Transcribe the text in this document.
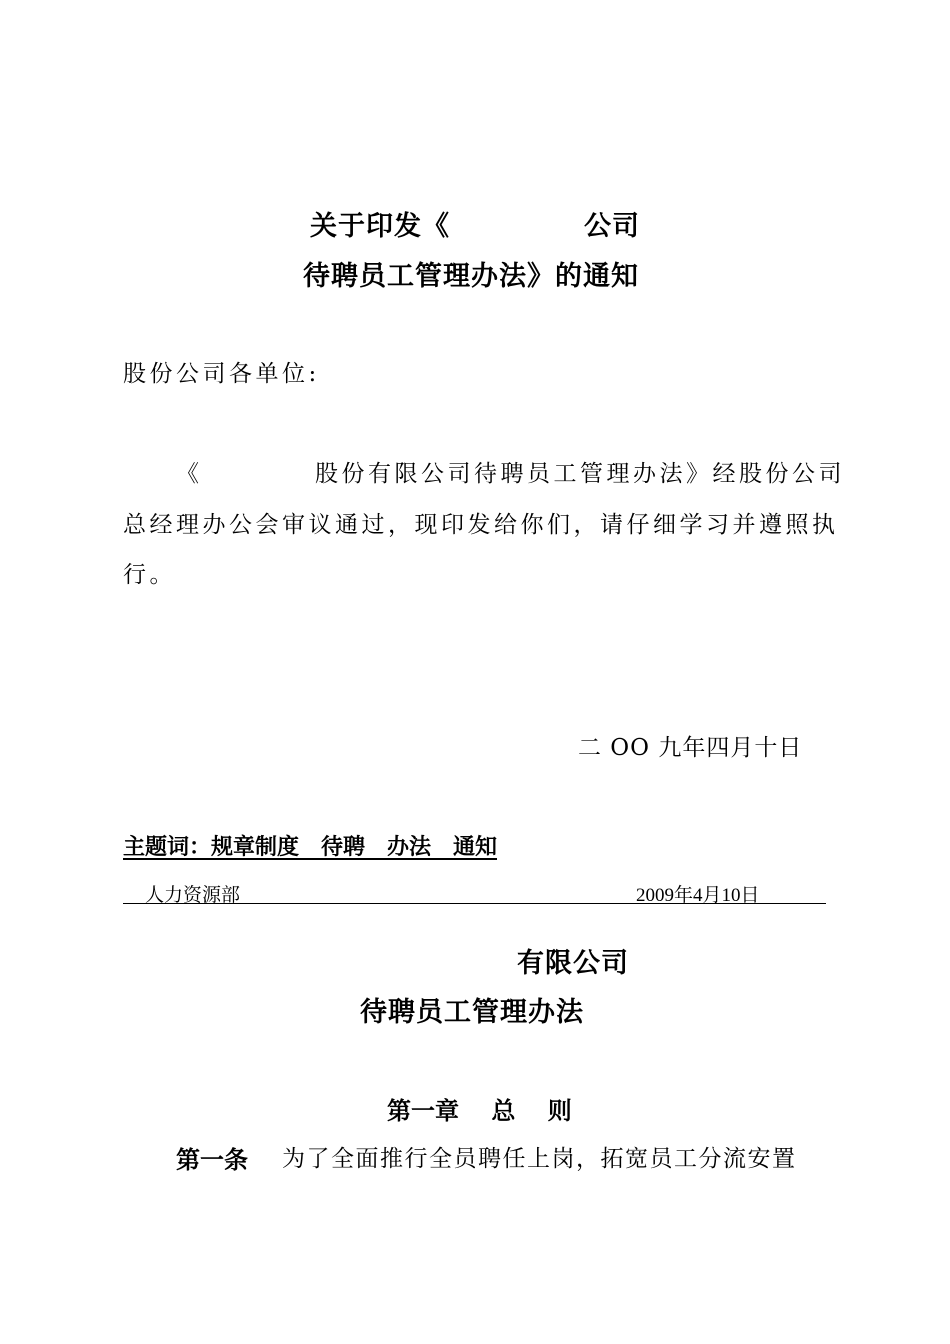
关于印发《	公司
待聘员工管理办法》的通知
股份公司各单位:
《	股份有限公司待聘员工管理办法》经股份公司
总经理办公会审议通过，现印发给你们，请仔细学习并遵照执
行。
二 OO 九年四月十日
主题词：规章制度　待聘　办法　通知
人力资源部	2009年4月10日
有限公司
待聘员工管理办法
第一章　 总　 则
第一条 为了全面推行全员聘任上岗，拓宽员工分流安置
